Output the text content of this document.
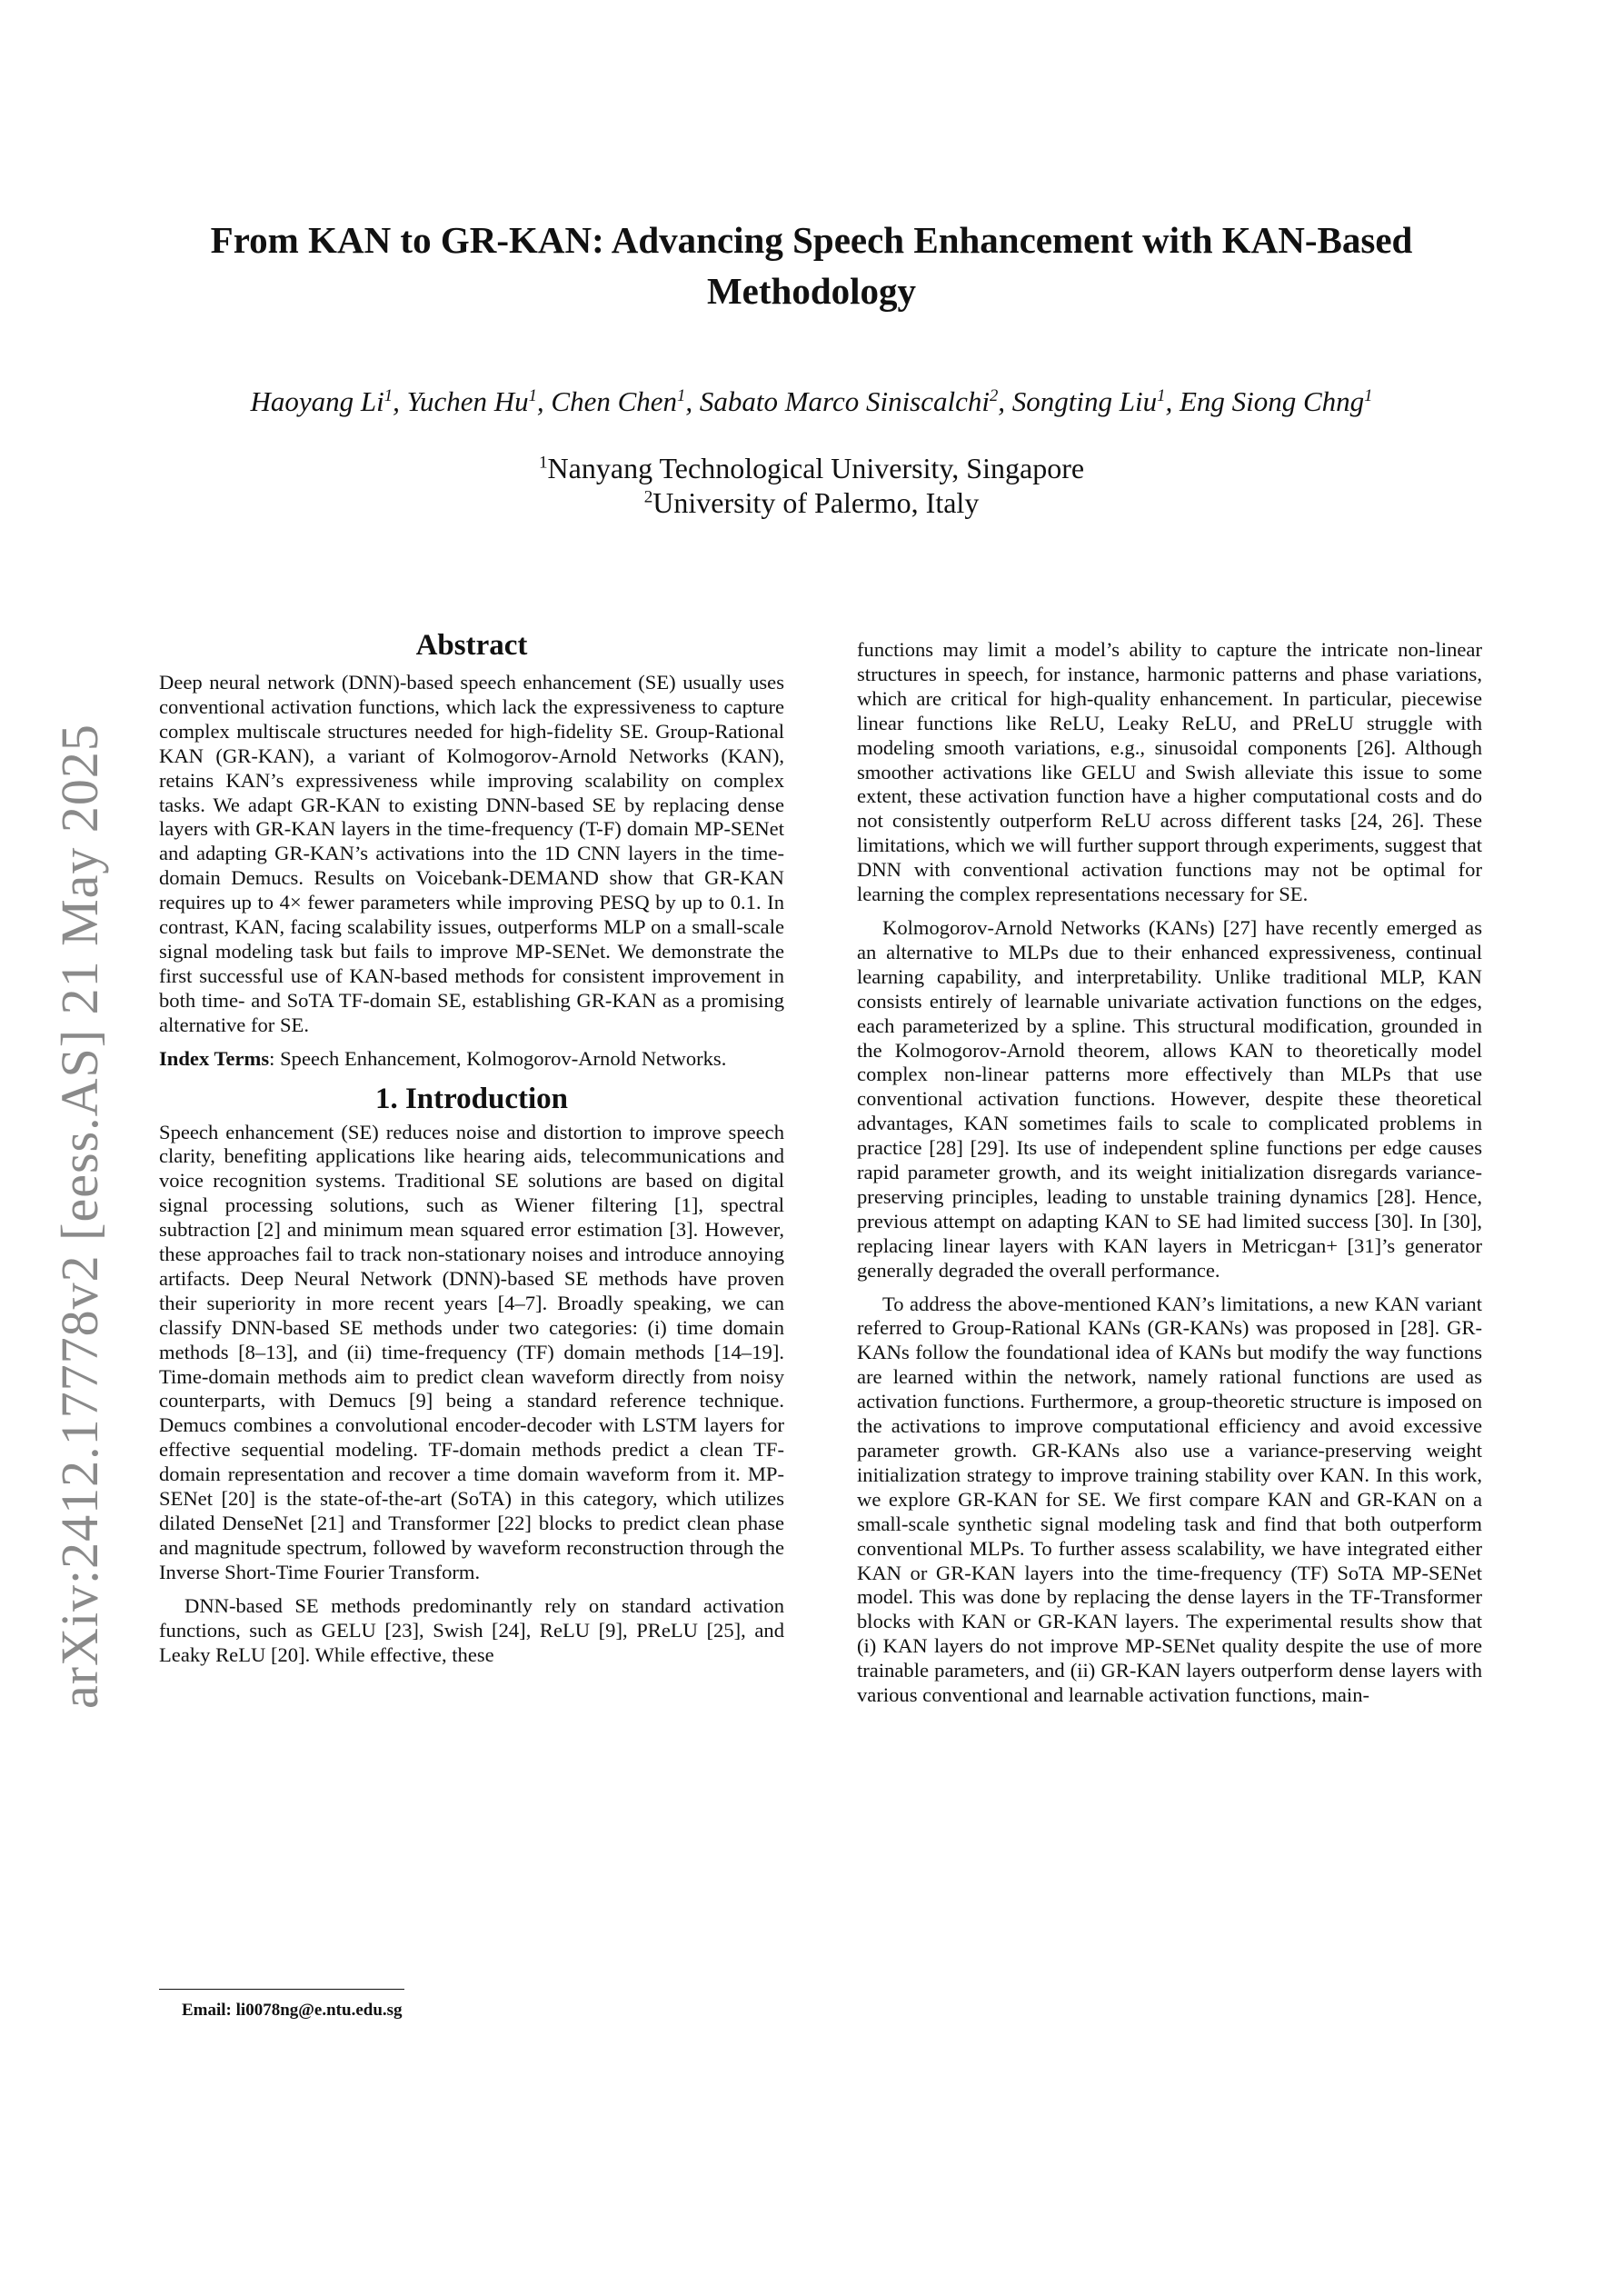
From KAN to GR-KAN: Advancing Speech Enhancement with KAN-Based Methodology
Haoyang Li$^1$, Yuchen Hu$^1$, Chen Chen$^1$, Sabato Marco Siniscalchi$^2$, Songting Liu$^1$, Eng Siong Chng$^1$
$^1$Nanyang Technological University, Singapore
$^2$University of Palermo, Italy
arXiv:2412.17778v2 [eess.AS] 21 May 2025
Abstract

Deep neural network (DNN)-based speech enhancement (SE) usually uses conventional activation functions, which lack the expressiveness to capture complex multiscale structures needed for high-fidelity SE. Group-Rational KAN (GR-KAN), a variant of Kolmogorov-Arnold Networks (KAN), retains KAN’s expressiveness while improving scalability on complex tasks. We adapt GR-KAN to existing DNN-based SE by replacing dense layers with GR-KAN layers in the time-frequency (T-F) domain MP-SENet and adapting GR-KAN’s activations into the 1D CNN layers in the time-domain Demucs. Results on Voicebank-DEMAND show that GR-KAN requires up to 4× fewer parameters while improving PESQ by up to 0.1. In contrast, KAN, facing scalability issues, outperforms MLP on a small-scale signal modeling task but fails to improve MP-SENet. We demonstrate the first successful use of KAN-based methods for consistent improvement in both time- and SoTA TF-domain SE, establishing GR-KAN as a promising alternative for SE.

Index Terms: Speech Enhancement, Kolmogorov-Arnold Networks.

1. Introduction

Speech enhancement (SE) reduces noise and distortion to improve speech clarity, benefiting applications like hearing aids, telecommunications and voice recognition systems. Traditional SE solutions are based on digital signal processing solutions, such as Wiener filtering [1], spectral subtraction [2] and minimum mean squared error estimation [3]. However, these approaches fail to track non-stationary noises and introduce annoying artifacts. Deep Neural Network (DNN)-based SE methods have proven their superiority in more recent years [4–7]. Broadly speaking, we can classify DNN-based SE methods under two categories: (i) time domain methods [8–13], and (ii) time-frequency (TF) domain methods [14–19]. Time-domain methods aim to predict clean waveform directly from noisy counterparts, with Demucs [9] being a standard reference technique. Demucs combines a convolutional encoder-decoder with LSTM layers for effective sequential modeling. TF-domain methods predict a clean TF-domain representation and recover a time domain waveform from it. MP-SENet [20] is the state-of-the-art (SoTA) in this category, which utilizes dilated DenseNet [21] and Transformer [22] blocks to predict clean phase and magnitude spectrum, followed by waveform reconstruction through the Inverse Short-Time Fourier Transform.

DNN-based SE methods predominantly rely on standard activation functions, such as GELU [23], Swish [24], ReLU [9], PReLU [25], and Leaky ReLU [20]. While effective, these

functions may limit a model’s ability to capture the intricate non-linear structures in speech, for instance, harmonic patterns and phase variations, which are critical for high-quality enhancement. In particular, piecewise linear functions like ReLU, Leaky ReLU, and PReLU struggle with modeling smooth variations, e.g., sinusoidal components [26]. Although smoother activations like GELU and Swish alleviate this issue to some extent, these activation function have a higher computational costs and do not consistently outperform ReLU across different tasks [24, 26]. These limitations, which we will further support through experiments, suggest that DNN with conventional activation functions may not be optimal for learning the complex representations necessary for SE.

Kolmogorov-Arnold Networks (KANs) [27] have recently emerged as an alternative to MLPs due to their enhanced expressiveness, continual learning capability, and interpretability. Unlike traditional MLP, KAN consists entirely of learnable univariate activation functions on the edges, each parameterized by a spline. This structural modification, grounded in the Kolmogorov-Arnold theorem, allows KAN to theoretically model complex non-linear patterns more effectively than MLPs that use conventional activation functions. However, despite these theoretical advantages, KAN sometimes fails to scale to complicated problems in practice [28] [29]. Its use of independent spline functions per edge causes rapid parameter growth, and its weight initialization disregards variance-preserving principles, leading to unstable training dynamics [28]. Hence, previous attempt on adapting KAN to SE had limited success [30]. In [30], replacing linear layers with KAN layers in Metricgan+ [31]’s generator generally degraded the overall performance.

To address the above-mentioned KAN’s limitations, a new KAN variant referred to Group-Rational KANs (GR-KANs) was proposed in [28]. GR-KANs follow the foundational idea of KANs but modify the way functions are learned within the network, namely rational functions are used as activation functions. Furthermore, a group-theoretic structure is imposed on the activations to improve computational efficiency and avoid excessive parameter growth. GR-KANs also use a variance-preserving weight initialization strategy to improve training stability over KAN. In this work, we explore GR-KAN for SE. We first compare KAN and GR-KAN on a small-scale synthetic signal modeling task and find that both outperform conventional MLPs. To further assess scalability, we have integrated either KAN or GR-KAN layers into the time-frequency (TF) SoTA MP-SENet model. This was done by replacing the dense layers in the TF-Transformer blocks with KAN or GR-KAN layers. The experimental results show that (i) KAN layers do not improve MP-SENet quality despite the use of more trainable parameters, and (ii) GR-KAN layers outperform dense layers with various conventional and learnable activation functions, main-

Email: li0078ng@e.ntu.edu.sg
